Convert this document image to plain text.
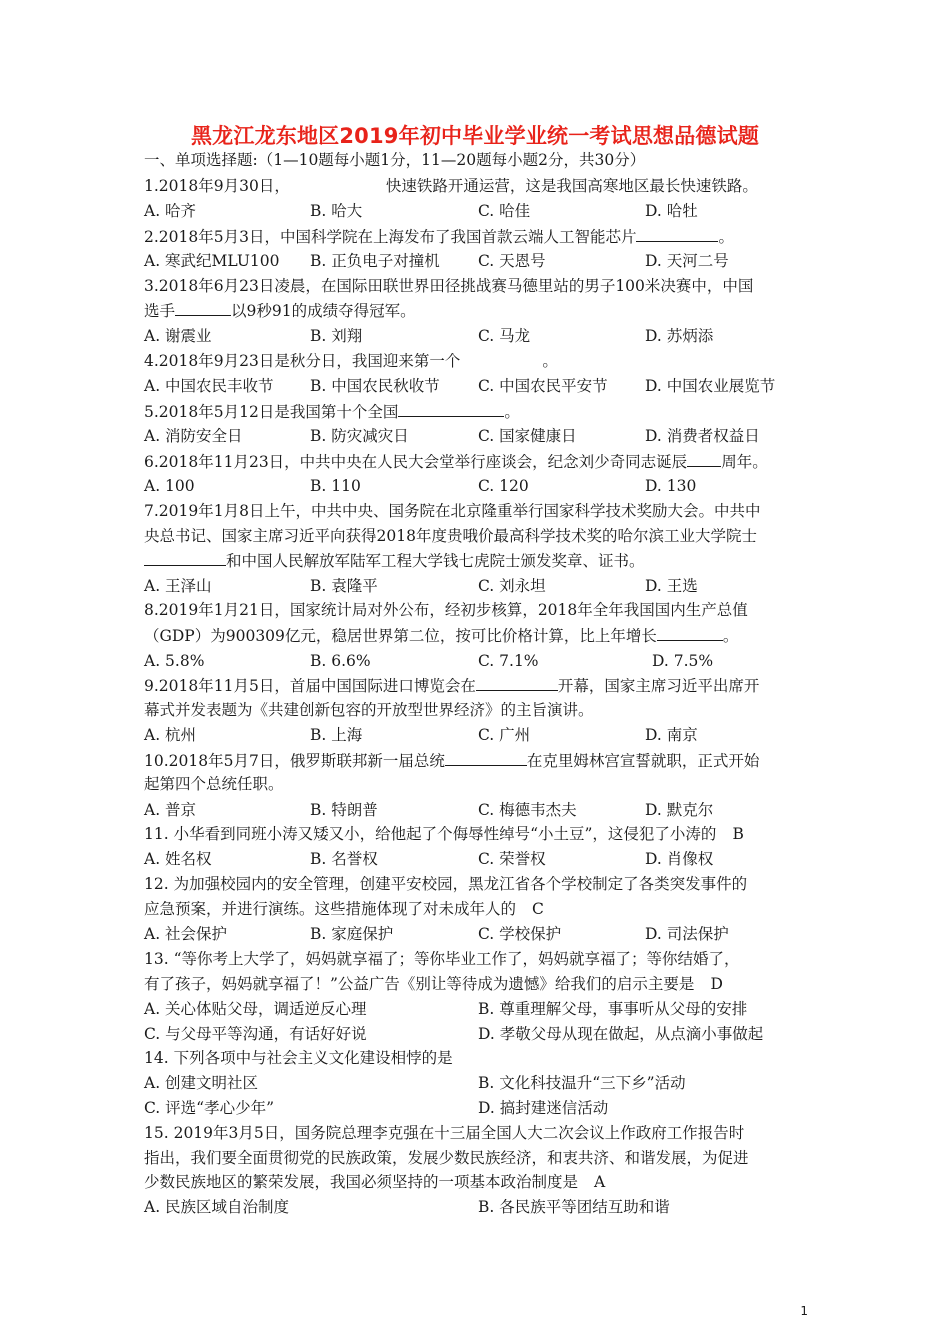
黑龙江龙东地区2019年初中毕业学业统一考试思想品德试题
一、单项选择题:（1—10题每小题1分，11—20题每小题2分，共30分）
1.2018年9月30日，	快速铁路开通运营，这是我国高寒地区最长快速铁路。
A. 哈齐	B. 哈大	C. 哈佳	D. 哈牡
2.2018年5月3日，中国科学院在上海发布了我国首款云端人工智能芯片	。
A. 寒武纪MLU100 B. 正负电子对撞机 C. 天恩号	D. 天河二号
3.2018年6月23日凌晨，在国际田联世界田径挑战赛马德里站的男子100米决赛中，中国
选手	以9秒91的成绩夺得冠军。
A. 谢震业	B. 刘翔	C. 马龙	D. 苏炳添
4.2018年9月23日是秋分日，我国迎来第一个	。
A. 中国农民丰收节 B. 中国农民秋收节 C. 中国农民平安节 D. 中国农业展览节
5.2018年5月12日是我国第十个全国	。
A. 消防安全日	B. 防灾减灾日	C. 国家健康日	D. 消费者权益日
6.2018年11月23日，中共中央在人民大会堂举行座谈会，纪念刘少奇同志诞辰 周年。
A. 100	B. 110	C. 120	D. 130
7.2019年1月8日上午，中共中央、国务院在北京隆重举行国家科学技术奖励大会。中共中
央总书记、国家主席习近平向获得2018年度贵哦价最高科学技术奖的哈尔滨工业大学院士
和中国人民解放军陆军工程大学钱七虎院士颁发奖章、证书。
A. 王泽山	B. 袁隆平	C. 刘永坦	D. 王选
8.2019年1月21日，国家统计局对外公布，经初步核算，2018年全年我国国内生产总值
（GDP）为900309亿元，稳居世界第二位，按可比价格计算，比上年增长	。
A. 5.8%	B. 6.6%	C. 7.1%	D. 7.5%
9.2018年11月5日，首届中国国际进口博览会在	开幕，国家主席习近平出席开
幕式并发表题为《共建创新包容的开放型世界经济》的主旨演讲。
A. 杭州	B. 上海	C. 广州	D. 南京
10.2018年5月7日，俄罗斯联邦新一届总统	在克里姆林宫宣誓就职，正式开始
起第四个总统任职。
A. 普京	B. 特朗普	C. 梅德韦杰夫	D. 默克尔
11. 小华看到同班小涛又矮又小，给他起了个侮辱性绰号“小土豆”，这侵犯了小涛的 B
A. 姓名权	B. 名誉权	C. 荣誉权	D. 肖像权
12. 为加强校园内的安全管理，创建平安校园，黑龙江省各个学校制定了各类突发事件的
应急预案，并进行演练。这些措施体现了对未成年人的 C
A. 社会保护	B. 家庭保护	C. 学校保护	D. 司法保护
13. “等你考上大学了，妈妈就享福了；等你毕业工作了，妈妈就享福了；等你结婚了，
有了孩子，妈妈就享福了！”公益广告《别让等待成为遗憾》给我们的启示主要是 D
A. 关心体贴父母，调适逆反心理	B. 尊重理解父母，事事听从父母的安排
C. 与父母平等沟通，有话好好说	D. 孝敬父母从现在做起，从点滴小事做起
14. 下列各项中与社会主义文化建设相悖的是
A. 创建文明社区	B. 文化科技温升“三下乡”活动
C. 评选“孝心少年”	D. 搞封建迷信活动
15. 2019年3月5日，国务院总理李克强在十三届全国人大二次会议上作政府工作报告时
指出，我们要全面贯彻党的民族政策，发展少数民族经济，和衷共济、和谐发展，为促进
少数民族地区的繁荣发展，我国必须坚持的一项基本政治制度是 A
A. 民族区域自治制度	B. 各民族平等团结互助和谐
1
